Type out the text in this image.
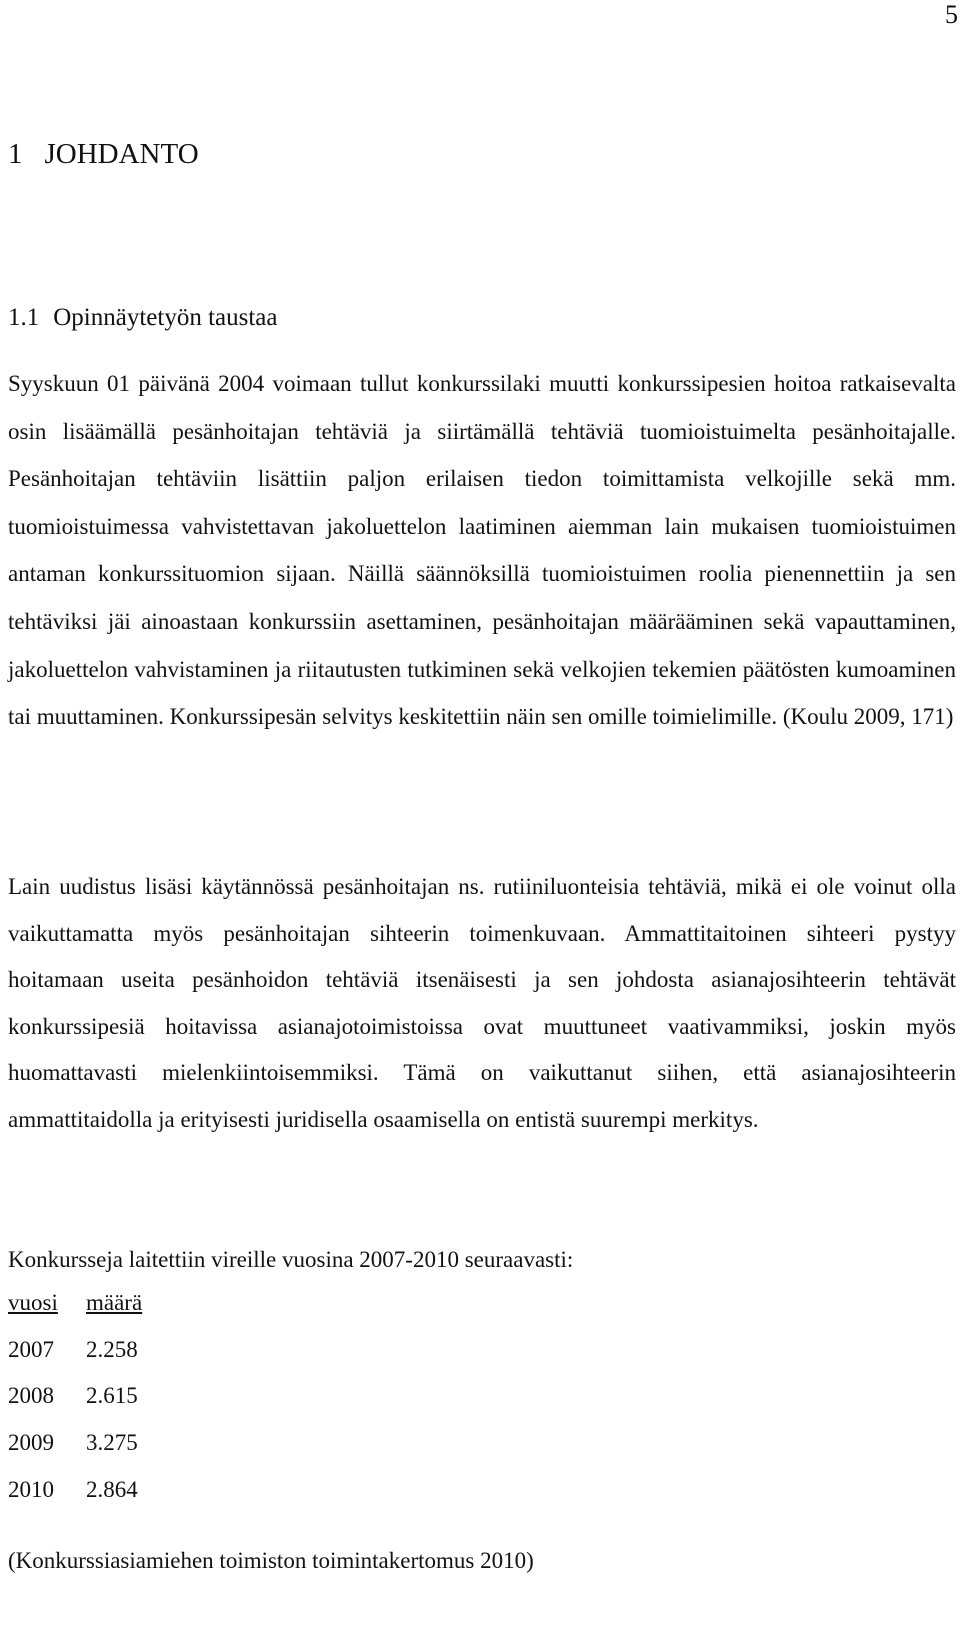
5
1 JOHDANTO
1.1 Opinnäytetyön taustaa

Syyskuun 01 päivänä 2004 voimaan tullut konkurssilaki muutti konkurssipesien hoitoa ratkaisevalta osin lisäämällä pesänhoitajan tehtäviä ja siirtämällä tehtäviä tuomioistuimelta pesänhoitajalle. Pesänhoitajan tehtäviin lisättiin paljon erilaisen tiedon toimittamista velkojille sekä mm. tuomioistuimessa vahvistettavan jakoluettelon laatiminen aiemman lain mukaisen tuomioistuimen antaman konkurssituomion sijaan. Näillä säännöksillä tuomioistuimen roolia pienennettiin ja sen tehtäviksi jäi ainoastaan konkurssiin asettaminen, pesänhoitajan määrääminen sekä vapauttaminen, jakoluettelon vahvistaminen ja riitautusten tutkiminen sekä velkojien tekemien päätösten kumoaminen tai muuttaminen. Konkurssipesän selvitys keskitettiin näin sen omille toimielimille. (Koulu 2009, 171)

Lain uudistus lisäsi käytännössä pesänhoitajan ns. rutiiniluonteisia tehtäviä, mikä ei ole voinut olla vaikuttamatta myös pesänhoitajan sihteerin toimenkuvaan. Ammattitaitoinen sihteeri pystyy hoitamaan useita pesänhoidon tehtäviä itsenäisesti ja sen johdosta asianajosihteerin tehtävät konkurssipesiä hoitavissa asianajotoimistoissa ovat muuttuneet vaativammiksi, joskin myös huomattavasti mielenkiintoisemmiksi. Tämä on vaikuttanut siihen, että asianajosihteerin ammattitaidolla ja erityisesti juridisella osaamisella on entistä suurempi merkitys.

Konkursseja laitettiin vireille vuosina 2007-2010 seuraavasti:

vuosi	määrä
2007	2.258
2008	2.615
2009	3.275
2010	2.864

(Konkurssiasiamiehen toimiston toimintakertomus 2010)
